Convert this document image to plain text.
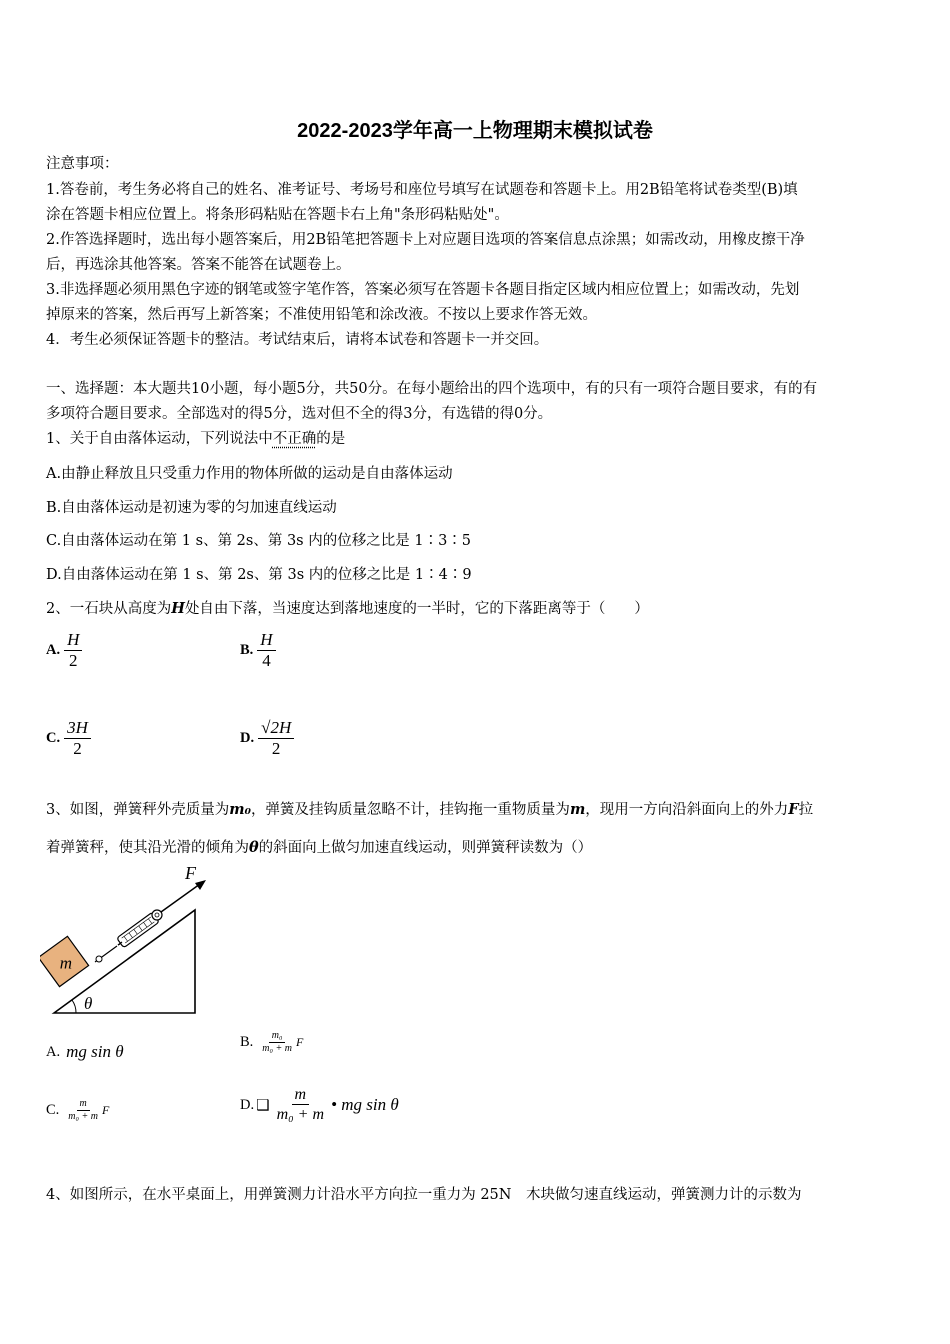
2022-2023学年高一上物理期末模拟试卷
注意事项：
1.答卷前，考生务必将自己的姓名、准考证号、考场号和座位号填写在试题卷和答题卡上。用2B铅笔将试卷类型(B)填
涂在答题卡相应位置上。将条形码粘贴在答题卡右上角"条形码粘贴处"。
2.作答选择题时，选出每小题答案后，用2B铅笔把答题卡上对应题目选项的答案信息点涂黑；如需改动，用橡皮擦干净
后，再选涂其他答案。答案不能答在试题卷上。
3.非选择题必须用黑色字迹的钢笔或签字笔作答，答案必须写在答题卡各题目指定区域内相应位置上；如需改动，先划
掉原来的答案，然后再写上新答案；不准使用铅笔和涂改液。不按以上要求作答无效。
4．考生必须保证答题卡的整洁。考试结束后，请将本试卷和答题卡一并交回。
一、选择题：本大题共10小题，每小题5分，共50分。在每小题给出的四个选项中，有的只有一项符合题目要求，有的有
多项符合题目要求。全部选对的得5分，选对但不全的得3分，有选错的得0分。
1、关于自由落体运动，下列说法中不正确的是
A.由静止释放且只受重力作用的物体所做的运动是自由落体运动
B.自由落体运动是初速为零的匀加速直线运动
C.自由落体运动在第 1 s、第 2s、第 3s 内的位移之比是 1∶3∶5
D.自由落体运动在第 1 s、第 2s、第 3s 内的位移之比是 1∶4∶9
2、一石块从高度为H处自由下落，当速度达到落地速度的一半时，它的下落距离等于（　　）
A. $\frac{H}{2}$	B. $\frac{H}{4}$
C. $\frac{3H}{2}$	D. $\frac{√2H}{2}$
3、如图，弹簧秤外壳质量为m₀，弹簧及挂钩质量忽略不计，挂钩拖一重物质量为m，现用一方向沿斜面向上的外力F拉
着弹簧秤，使其沿光滑的倾角为θ的斜面向上做匀加速直线运动，则弹簧秤读数为（）
m
F
θ
A. mg sin θ
B. $\frac{\text{m₀}}{\text{m₀ + m}}$ F
C. $\frac{m}{\text{m₀ + m}}$ F	D. ❑ $\frac{m}{\text{m₀ + m}}$ • mg sin θ
4、如图所示，在水平桌面上，用弹簧测力计沿水平方向拉一重力为 25N　木块做匀速直线运动，弹簧测力计的示数为
